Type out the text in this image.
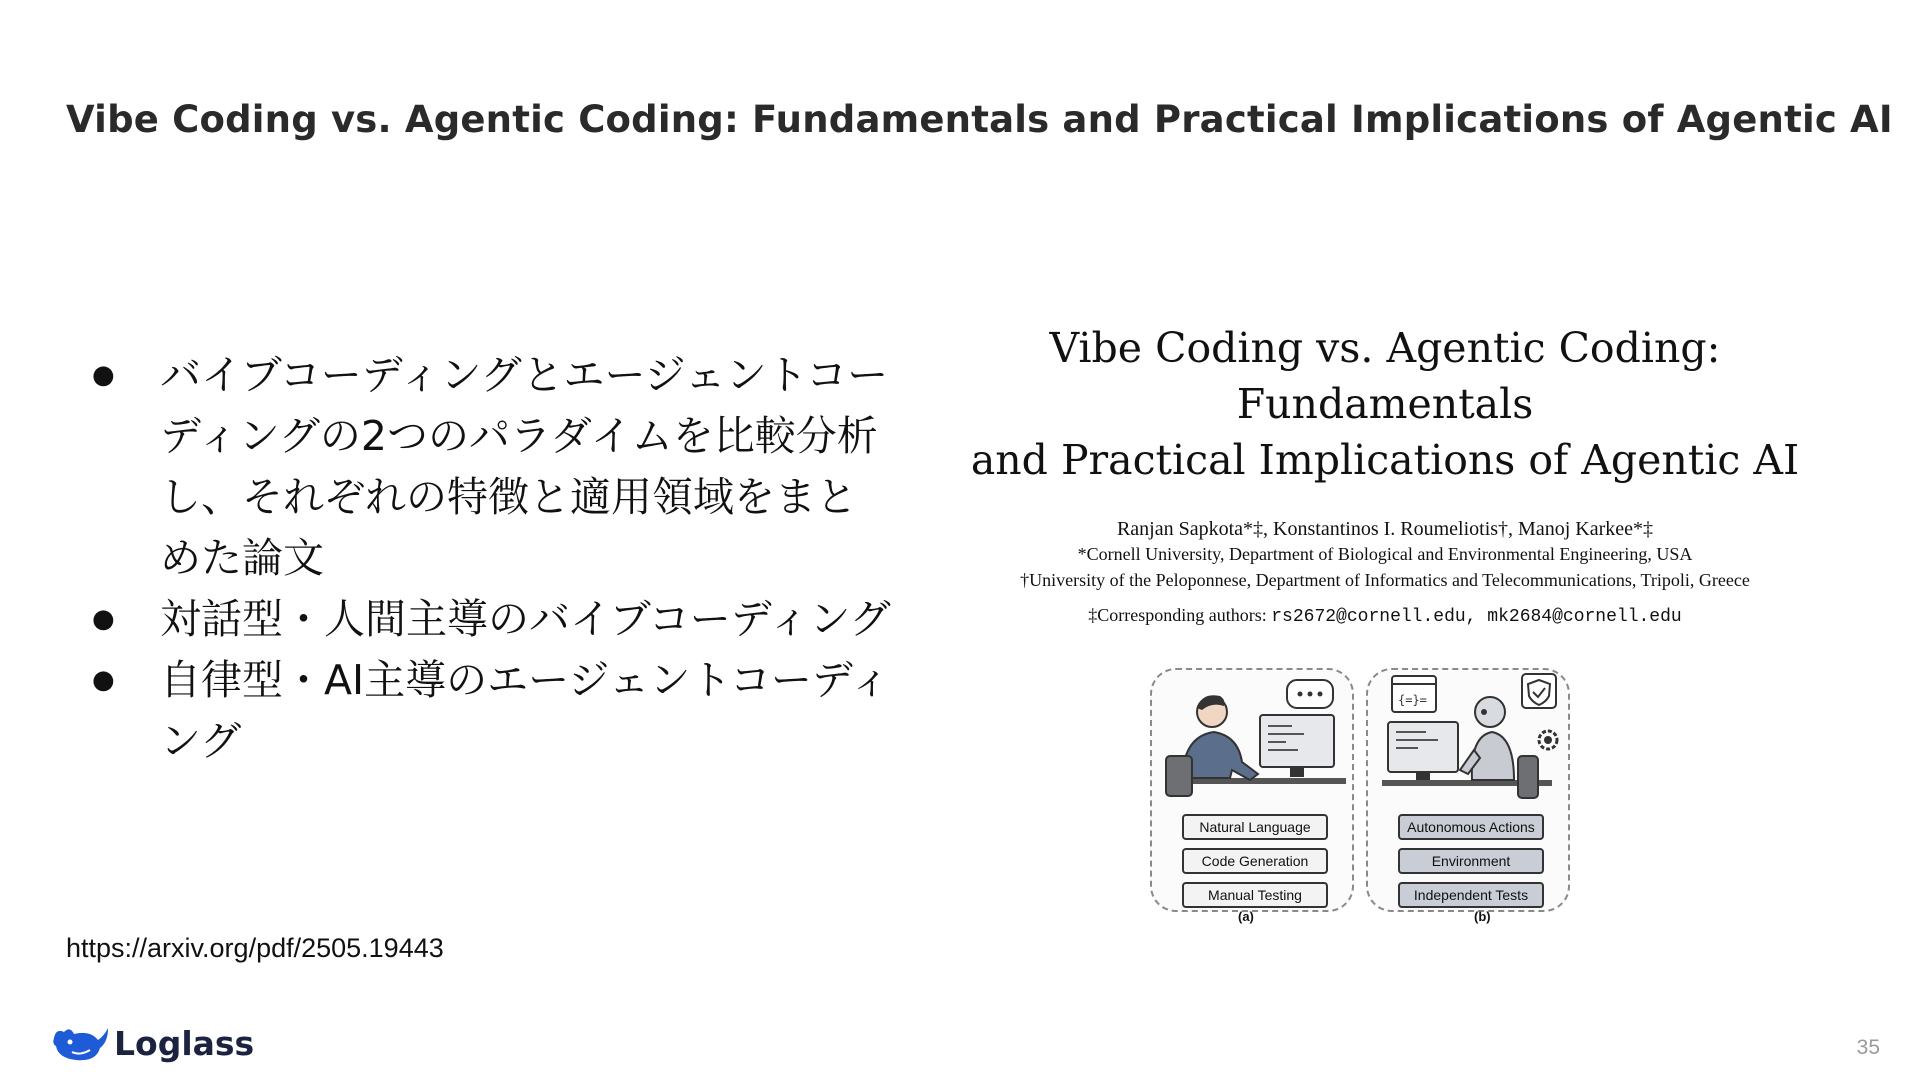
Vibe Coding vs. Agentic Coding: Fundamentals and Practical Implications of Agentic AI
● バイブコーディングとエージェントコーディングの2つのパラダイムを比較分析し、それぞれの特徴と適用領域をまとめた論文
● 対話型・人間主導のバイブコーディング
● 自律型・AI主導のエージェントコーディング

Vibe Coding vs. Agentic Coding: Fundamentals
and Practical Implications of Agentic AI

Ranjan Sapkota*‡, Konstantinos I. Roumeliotis†, Manoj Karkee*‡
*Cornell University, Department of Biological and Environmental Engineering, USA
†University of the Peloponnese, Department of Informatics and Telecommunications, Tripoli, Greece
‡Corresponding authors: rs2672@cornell.edu, mk2684@cornell.edu
Natural Language
Code Generation
Manual Testing
(a)
{=}=
Autonomous Actions
Environment
Independent Tests
(b)
https://arxiv.org/pdf/2505.19443
Loglass	35
